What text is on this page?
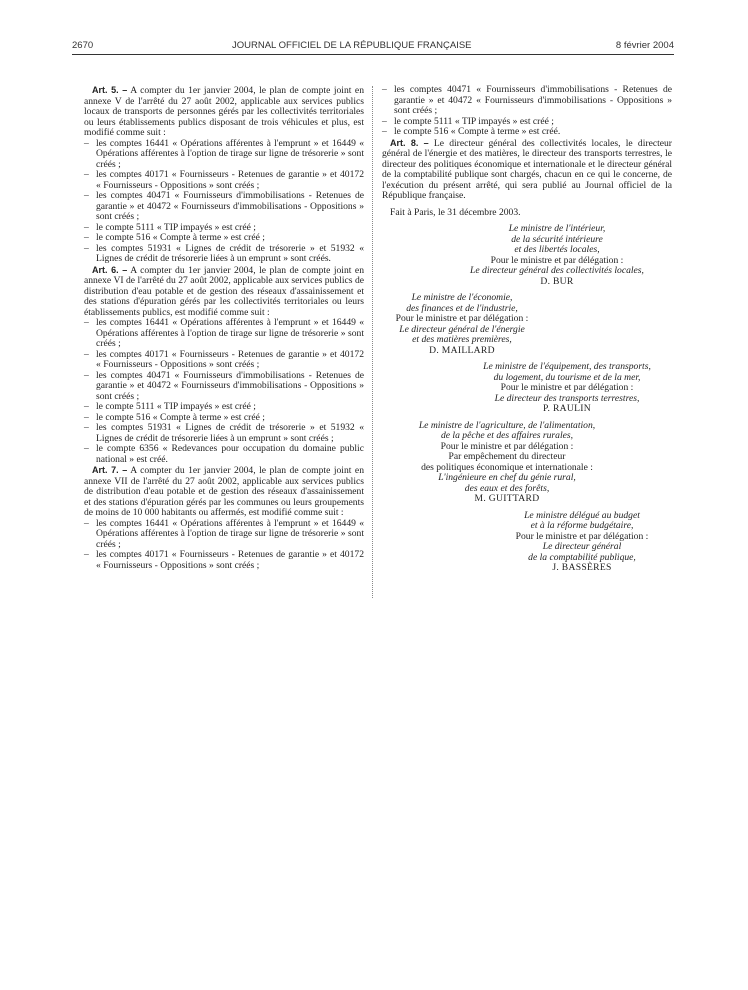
2670	JOURNAL OFFICIEL DE LA RÉPUBLIQUE FRANÇAISE	8 février 2004

Art. 5. – A compter du 1er janvier 2004, le plan de compte joint en annexe V de l'arrêté du 27 août 2002, applicable aux services publics locaux de transports de personnes gérés par les collectivités territoriales ou leurs établissements publics disposant de trois véhicules et plus, est modifié comme suit :

– les comptes 16441 « Opérations afférentes à l'emprunt » et 16449 « Opérations afférentes à l'option de tirage sur ligne de trésorerie » sont créés ;
– les comptes 40171 « Fournisseurs - Retenues de garantie » et 40172 « Fournisseurs - Oppositions » sont créés ;
– les comptes 40471 « Fournisseurs d'immobilisations - Retenues de garantie » et 40472 « Fournisseurs d'immobilisations - Oppositions » sont créés ;
– le compte 5111 « TIP impayés » est créé ;
– le compte 516 « Compte à terme » est créé ;
– les comptes 51931 « Lignes de crédit de trésorerie » et 51932 « Lignes de crédit de trésorerie liées à un emprunt » sont créés.

Art. 6. – A compter du 1er janvier 2004, le plan de compte joint en annexe VI de l'arrêté du 27 août 2002, applicable aux services publics de distribution d'eau potable et de gestion des réseaux d'assainissement et des stations d'épuration gérés par les collectivités territoriales ou leurs établissements publics, est modifié comme suit :

– les comptes 16441 « Opérations afférentes à l'emprunt » et 16449 « Opérations afférentes à l'option de tirage sur ligne de trésorerie » sont créés ;
– les comptes 40171 « Fournisseurs - Retenues de garantie » et 40172 « Fournisseurs - Oppositions » sont créés ;
– les comptes 40471 « Fournisseurs d'immobilisations - Retenues de garantie » et 40472 « Fournisseurs d'immobilisations - Oppositions » sont créés ;
– le compte 5111 « TIP impayés » est créé ;
– le compte 516 « Compte à terme » est créé ;
– les comptes 51931 « Lignes de crédit de trésorerie » et 51932 « Lignes de crédit de trésorerie liées à un emprunt » sont créés ;
– le compte 6356 « Redevances pour occupation du domaine public national » est créé.

Art. 7. – A compter du 1er janvier 2004, le plan de compte joint en annexe VII de l'arrêté du 27 août 2002, applicable aux services publics de distribution d'eau potable et de gestion des réseaux d'assainissement et des stations d'épuration gérés par les communes ou leurs groupements de moins de 10 000 habitants ou affermés, est modifié comme suit :

– les comptes 16441 « Opérations afférentes à l'emprunt » et 16449 « Opérations afférentes à l'option de tirage sur ligne de trésorerie » sont créés ;
– les comptes 40171 « Fournisseurs - Retenues de garantie » et 40172 « Fournisseurs - Oppositions » sont créés ;
– les comptes 40471 « Fournisseurs d'immobilisations - Retenues de garantie » et 40472 « Fournisseurs d'immobilisations - Oppositions » sont créés ;
– le compte 5111 « TIP impayés » est créé ;
– le compte 516 « Compte à terme » est créé.

Art. 8. – Le directeur général des collectivités locales, le directeur général de l'énergie et des matières, le directeur des transports terrestres, le directeur des politiques économique et internationale et le directeur général de la comptabilité publique sont chargés, chacun en ce qui le concerne, de l'exécution du présent arrêté, qui sera publié au Journal officiel de la République française.

Fait à Paris, le 31 décembre 2003.

Le ministre de l'intérieur,
de la sécurité intérieure
et des libertés locales,
Pour le ministre et par délégation :
Le directeur général des collectivités locales,
D. BUR
Le ministre de l'économie,
des finances et de l'industrie,
Pour le ministre et par délégation :
Le directeur général de l'énergie
et des matières premières,
D. MAILLARD
Le ministre de l'équipement, des transports,
du logement, du tourisme et de la mer,
Pour le ministre et par délégation :
Le directeur des transports terrestres,
P. RAULIN
Le ministre de l'agriculture, de l'alimentation,
de la pêche et des affaires rurales,
Pour le ministre et par délégation :
Par empêchement du directeur
des politiques économique et internationale :
L'ingénieure en chef du génie rural,
des eaux et des forêts,
M. GUITTARD
Le ministre délégué au budget
et à la réforme budgétaire,
Pour le ministre et par délégation :
Le directeur général
de la comptabilité publique,
J. BASSÈRES
